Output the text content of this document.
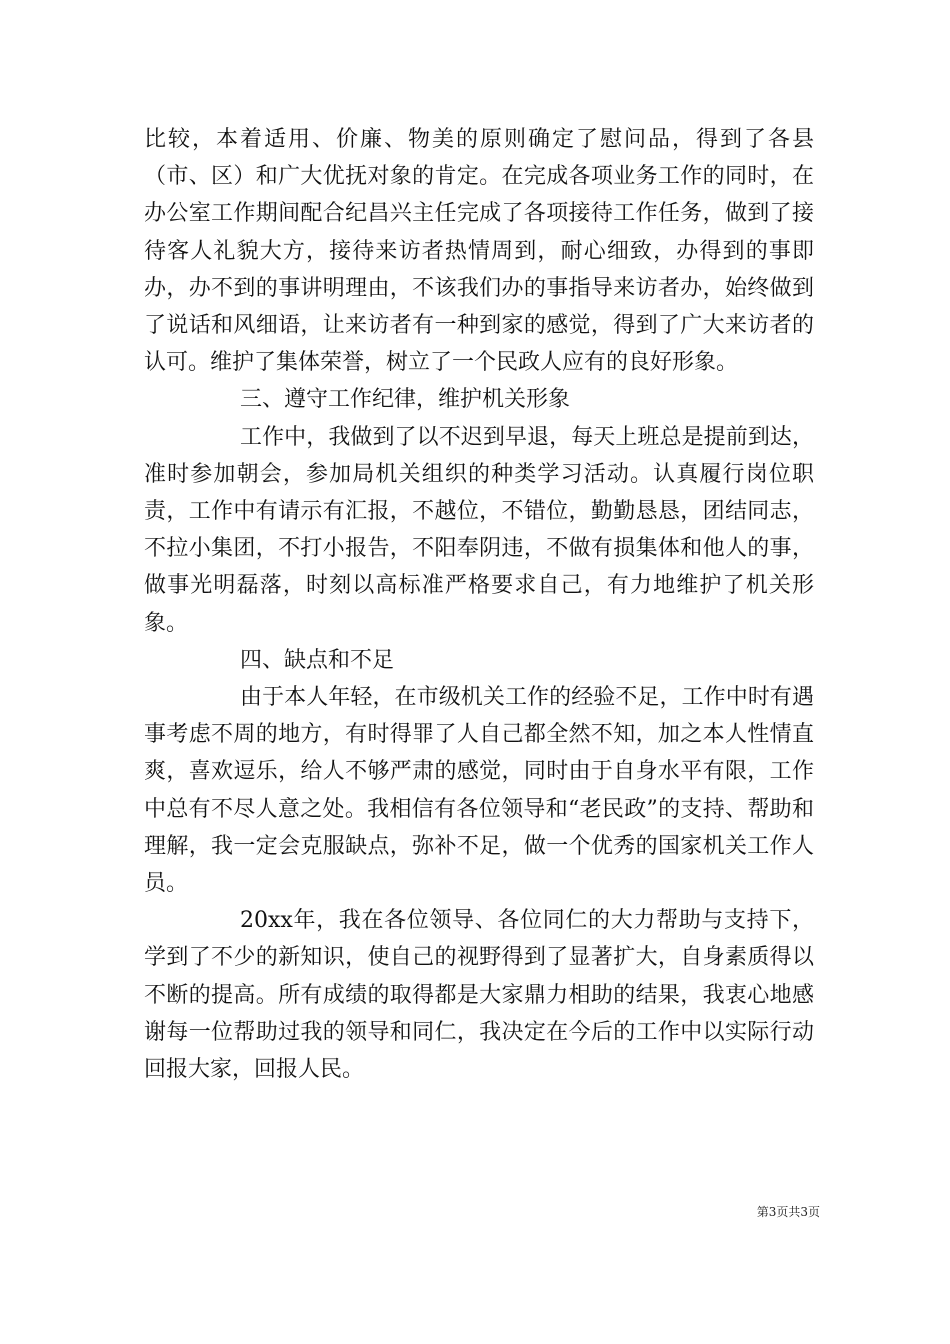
比较，本着适用、价廉、物美的原则确定了慰问品，得到了各县（市、区）和广大优抚对象的肯定。在完成各项业务工作的同时，在办公室工作期间配合纪昌兴主任完成了各项接待工作任务，做到了接待客人礼貌大方，接待来访者热情周到，耐心细致，办得到的事即办，办不到的事讲明理由，不该我们办的事指导来访者办，始终做到了说话和风细语，让来访者有一种到家的感觉，得到了广大来访者的认可。维护了集体荣誉，树立了一个民政人应有的良好形象。

三、遵守工作纪律，维护机关形象

工作中，我做到了以不迟到早退，每天上班总是提前到达，准时参加朝会，参加局机关组织的种类学习活动。认真履行岗位职责，工作中有请示有汇报，不越位，不错位，勤勤恳恳，团结同志，不拉小集团，不打小报告，不阳奉阴违，不做有损集体和他人的事，做事光明磊落，时刻以高标准严格要求自己，有力地维护了机关形象。

四、缺点和不足

由于本人年轻，在市级机关工作的经验不足，工作中时有遇事考虑不周的地方，有时得罪了人自己都全然不知，加之本人性情直爽，喜欢逗乐，给人不够严肃的感觉，同时由于自身水平有限，工作中总有不尽人意之处。我相信有各位领导和“老民政”的支持、帮助和理解，我一定会克服缺点，弥补不足，做一个优秀的国家机关工作人员。

20xx年，我在各位领导、各位同仁的大力帮助与支持下，学到了不少的新知识，使自己的视野得到了显著扩大，自身素质得以不断的提高。所有成绩的取得都是大家鼎力相助的结果，我衷心地感谢每一位帮助过我的领导和同仁，我决定在今后的工作中以实际行动回报大家，回报人民。

第3页共3页
